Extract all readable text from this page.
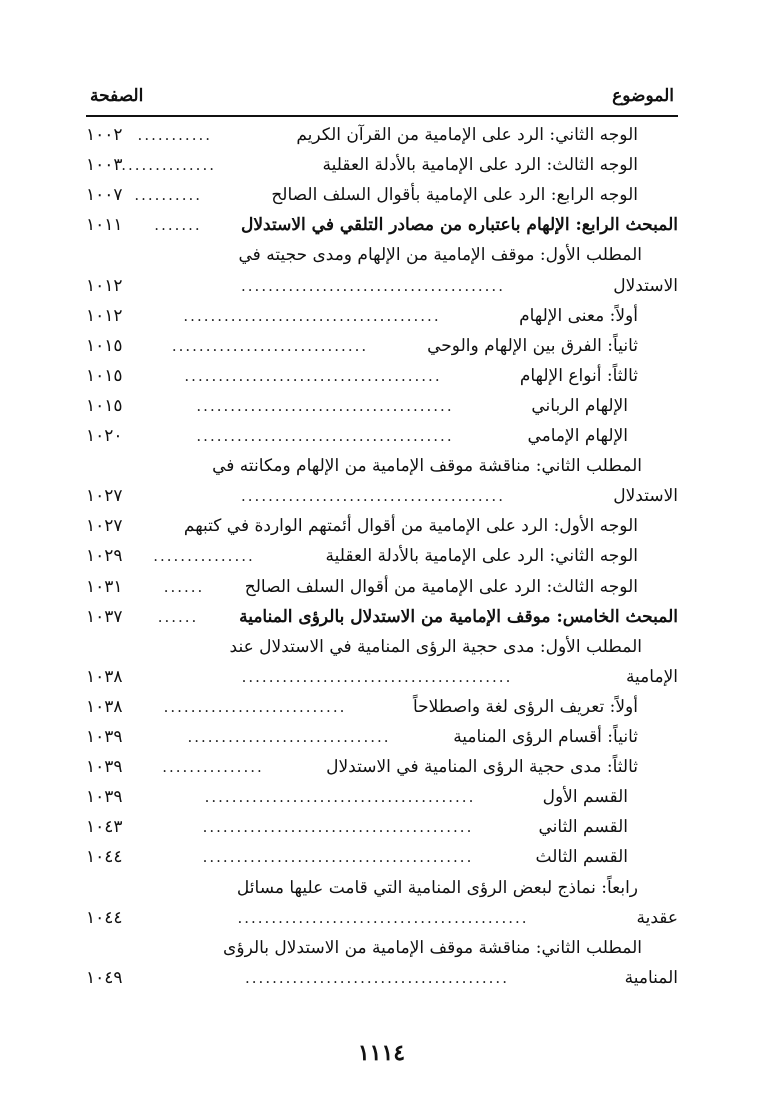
الموضوع
الصفحة
الوجه الثاني: الرد على الإمامية من القرآن الكريم
...........
١٠٠٢
الوجه الثالث: الرد على الإمامية بالأدلة العقلية
..............
١٠٠٣
الوجه الرابع: الرد على الإمامية بأقوال السلف الصالح
..........
١٠٠٧
المبحث الرابع: الإلهام باعتباره من مصادر التلقي في الاستدلال
.......
١٠١١
المطلب الأول: موقف الإمامية من الإلهام ومدى حجيته في
الاستدلال
.......................................
١٠١٢
أولاً: معنى الإلهام
......................................
١٠١٢
ثانياً: الفرق بين الإلهام والوحي
.............................
١٠١٥
ثالثاً: أنواع الإلهام
......................................
١٠١٥
الإلهام الرباني
......................................
١٠١٥
الإلهام الإمامي
......................................
١٠٢٠
المطلب الثاني: مناقشة موقف الإمامية من الإلهام ومكانته في
الاستدلال
.......................................
١٠٢٧
الوجه الأول: الرد على الإمامية من أقوال أئمتهم الواردة في كتبهم
١٠٢٧
الوجه الثاني: الرد على الإمامية بالأدلة العقلية
...............
١٠٢٩
الوجه الثالث: الرد على الإمامية من أقوال السلف الصالح
......
١٠٣١
المبحث الخامس: موقف الإمامية من الاستدلال بالرؤى المنامية
......
١٠٣٧
المطلب الأول: مدى حجية الرؤى المنامية في الاستدلال عند
الإمامية
........................................
١٠٣٨
أولاً: تعريف الرؤى لغة واصطلاحاً
...........................
١٠٣٨
ثانياً: أقسام الرؤى المنامية
..............................
١٠٣٩
ثالثاً: مدى حجية الرؤى المنامية في الاستدلال
...............
١٠٣٩
القسم الأول
........................................
١٠٣٩
القسم الثاني
........................................
١٠٤٣
القسم الثالث
........................................
١٠٤٤
رابعاً: نماذج لبعض الرؤى المنامية التي قامت عليها مسائل
عقدية
...........................................
١٠٤٤
المطلب الثاني: مناقشة موقف الإمامية من الاستدلال بالرؤى
المنامية
.......................................
١٠٤٩
١١١٤
